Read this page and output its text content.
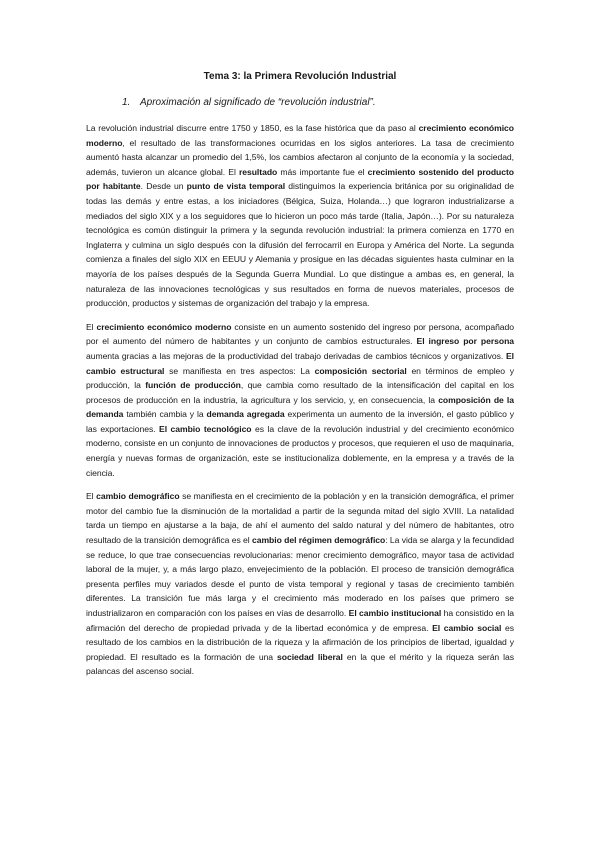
Tema 3: la Primera Revolución Industrial
1. Aproximación al significado de “revolución industrial”.

La revolución industrial discurre entre 1750 y 1850, es la fase histórica que da paso al crecimiento económico moderno, el resultado de las transformaciones ocurridas en los siglos anteriores. La tasa de crecimiento aumentó hasta alcanzar un promedio del 1,5%, los cambios afectaron al conjunto de la economía y la sociedad, además, tuvieron un alcance global. El resultado más importante fue el crecimiento sostenido del producto por habitante. Desde un punto de vista temporal distinguimos la experiencia británica por su originalidad de todas las demás y entre estas, a los iniciadores (Bélgica, Suiza, Holanda…) que lograron industrializarse a mediados del siglo XIX y a los seguidores que lo hicieron un poco más tarde (Italia, Japón…). Por su naturaleza tecnológica es común distinguir la primera y la segunda revolución industrial: la primera comienza en 1770 en Inglaterra y culmina un siglo después con la difusión del ferrocarril en Europa y América del Norte. La segunda comienza a finales del siglo XIX en EEUU y Alemania y prosigue en las décadas siguientes hasta culminar en la mayoría de los países después de la Segunda Guerra Mundial. Lo que distingue a ambas es, en general, la naturaleza de las innovaciones tecnológicas y sus resultados en forma de nuevos materiales, procesos de producción, productos y sistemas de organización del trabajo y la empresa.

El crecimiento económico moderno consiste en un aumento sostenido del ingreso por persona, acompañado por el aumento del número de habitantes y un conjunto de cambios estructurales. El ingreso por persona aumenta gracias a las mejoras de la productividad del trabajo derivadas de cambios técnicos y organizativos. El cambio estructural se manifiesta en tres aspectos: La composición sectorial en términos de empleo y producción, la función de producción, que cambia como resultado de la intensificación del capital en los procesos de producción en la industria, la agricultura y los servicio, y, en consecuencia, la composición de la demanda también cambia y la demanda agregada experimenta un aumento de la inversión, el gasto público y las exportaciones. El cambio tecnológico es la clave de la revolución industrial y del crecimiento económico moderno, consiste en un conjunto de innovaciones de productos y procesos, que requieren el uso de maquinaria, energía y nuevas formas de organización, este se institucionaliza doblemente, en la empresa y a través de la ciencia.

El cambio demográfico se manifiesta en el crecimiento de la población y en la transición demográfica, el primer motor del cambio fue la disminución de la mortalidad a partir de la segunda mitad del siglo XVIII. La natalidad tarda un tiempo en ajustarse a la baja, de ahí el aumento del saldo natural y del número de habitantes, otro resultado de la transición demográfica es el cambio del régimen demográfico: La vida se alarga y la fecundidad se reduce, lo que trae consecuencias revolucionarias: menor crecimiento demográfico, mayor tasa de actividad laboral de la mujer, y, a más largo plazo, envejecimiento de la población. El proceso de transición demográfica presenta perfiles muy variados desde el punto de vista temporal y regional y tasas de crecimiento también diferentes. La transición fue más larga y el crecimiento más moderado en los países que primero se industrializaron en comparación con los países en vías de desarrollo. El cambio institucional ha consistido en la afirmación del derecho de propiedad privada y de la libertad económica y de empresa. El cambio social es resultado de los cambios en la distribución de la riqueza y la afirmación de los principios de libertad, igualdad y propiedad. El resultado es la formación de una sociedad liberal en la que el mérito y la riqueza serán las palancas del ascenso social.
